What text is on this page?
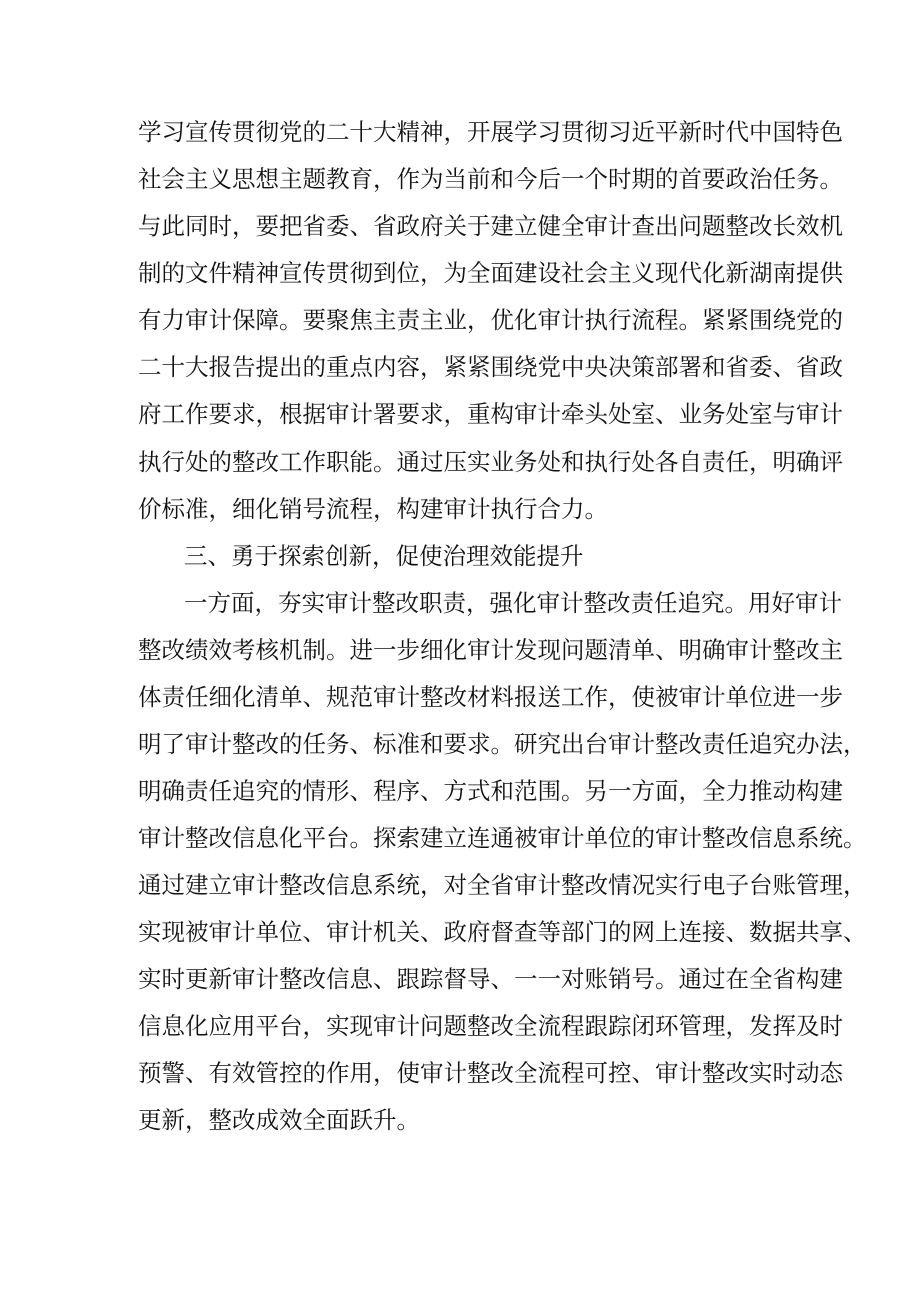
学习宣传贯彻党的二十大精神，开展学习贯彻习近平新时代中国特色

社会主义思想主题教育，作为当前和今后一个时期的首要政治任务。

与此同时，要把省委、省政府关于建立健全审计查出问题整改长效机

制的文件精神宣传贯彻到位，为全面建设社会主义现代化新湖南提供

有力审计保障。要聚焦主责主业，优化审计执行流程。紧紧围绕党的

二十大报告提出的重点内容，紧紧围绕党中央决策部署和省委、省政

府工作要求，根据审计署要求，重构审计牵头处室、业务处室与审计

执行处的整改工作职能。通过压实业务处和执行处各自责任，明确评

价标准，细化销号流程，构建审计执行合力。

三、勇于探索创新，促使治理效能提升

一方面，夯实审计整改职责，强化审计整改责任追究。用好审计

整改绩效考核机制。进一步细化审计发现问题清单、明确审计整改主

体责任细化清单、规范审计整改材料报送工作，使被审计单位进一步

明了审计整改的任务、标准和要求。研究出台审计整改责任追究办法，

明确责任追究的情形、程序、方式和范围。另一方面，全力推动构建

审计整改信息化平台。探索建立连通被审计单位的审计整改信息系统。

通过建立审计整改信息系统，对全省审计整改情况实行电子台账管理，

实现被审计单位、审计机关、政府督查等部门的网上连接、数据共享、

实时更新审计整改信息、跟踪督导、一一对账销号。通过在全省构建

信息化应用平台，实现审计问题整改全流程跟踪闭环管理，发挥及时

预警、有效管控的作用，使审计整改全流程可控、审计整改实时动态

更新，整改成效全面跃升。
